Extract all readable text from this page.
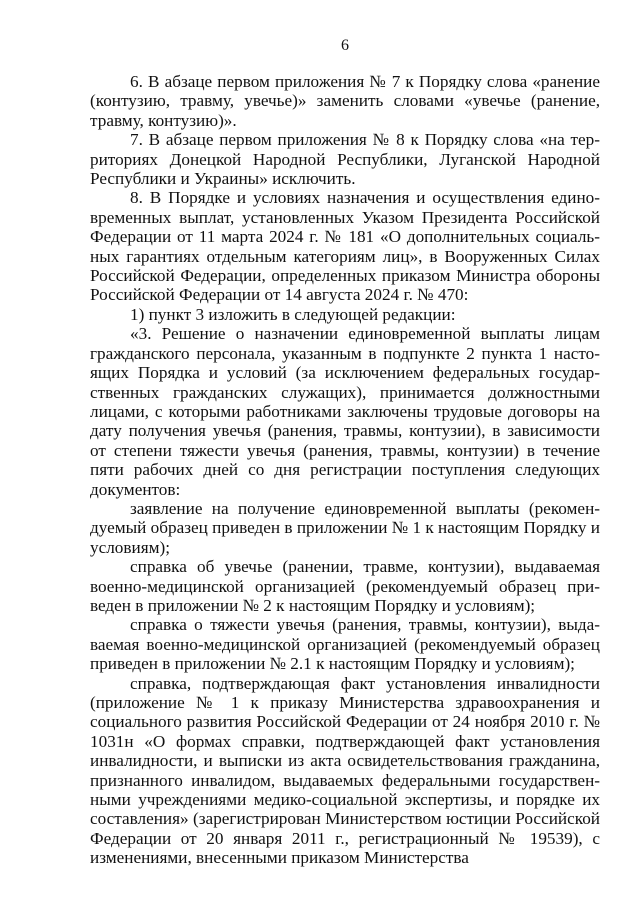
6

6. В абзаце первом приложения № 7 к Порядку слова «ранение (контузию, травму, увечье)» заменить словами «увечье (ранение, травму, контузию)».

7. В абзаце первом приложения № 8 к Порядку слова «на территориях Донецкой Народной Республики, Луганской Народной Республики и Украины» исключить.

8. В Порядке и условиях назначения и осуществления единовременных выплат, установленных Указом Президента Российской Федерации от 11 марта 2024 г. № 181 «О дополнительных социальных гарантиях отдельным категориям лиц», в Вооруженных Силах Российской Федерации, определенных приказом Министра обороны Российской Федерации от 14 августа 2024 г. № 470:

1) пункт 3 изложить в следующей редакции:

«3. Решение о назначении единовременной выплаты лицам гражданского персонала, указанным в подпункте 2 пункта 1 настоящих Порядка и условий (за исключением федеральных государственных гражданских служащих), принимается должностными лицами, с которыми работниками заключены трудовые договоры на дату получения увечья (ранения, травмы, контузии), в зависимости от степени тяжести увечья (ранения, травмы, контузии) в течение пяти рабочих дней со дня регистрации поступления следующих документов:

заявление на получение единовременной выплаты (рекомендуемый образец приведен в приложении № 1 к настоящим Порядку и условиям);

справка об увечье (ранении, травме, контузии), выдаваемая военно-медицинской организацией (рекомендуемый образец приведен в приложении № 2 к настоящим Порядку и условиям);

справка о тяжести увечья (ранения, травмы, контузии), выдаваемая военно-медицинской организацией (рекомендуемый образец приведен в приложении № 2.1 к настоящим Порядку и условиям);

справка, подтверждающая факт установления инвалидности (приложение № 1 к приказу Министерства здравоохранения и социального развития Российской Федерации от 24 ноября 2010 г. № 1031н «О формах справки, подтверждающей факт установления инвалидности, и выписки из акта освидетельствования гражданина, признанного инвалидом, выдаваемых федеральными государственными учреждениями медико-социальной экспертизы, и порядке их составления» (зарегистрирован Министерством юстиции Российской Федерации от 20 января 2011 г., регистрационный № 19539), с изменениями, внесенными приказом Министерства
